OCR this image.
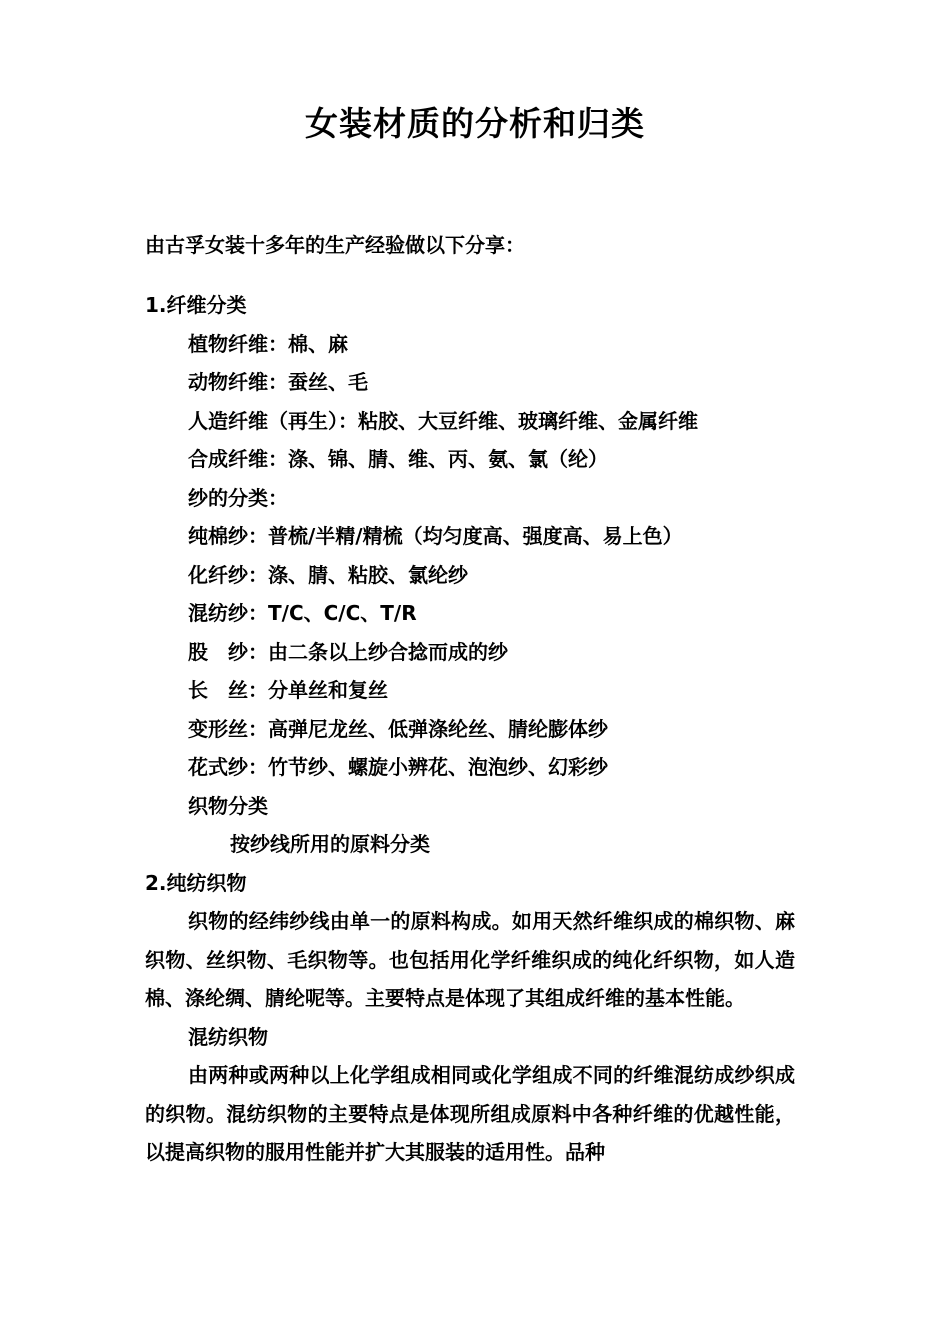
女装材质的分析和归类
由古孚女装十多年的生产经验做以下分享：
1.纤维分类
植物纤维：棉、麻
动物纤维：蚕丝、毛
人造纤维（再生）：粘胶、大豆纤维、玻璃纤维、金属纤维
合成纤维：涤、锦、腈、维、丙、氨、氯（纶）
纱的分类：
纯棉纱：普梳/半精/精梳（均匀度高、强度高、易上色）
化纤纱：涤、腈、粘胶、氯纶纱
混纺纱：T/C、C/C、T/R
股　纱：由二条以上纱合捻而成的纱
长　丝：分单丝和复丝
变形丝：高弹尼龙丝、低弹涤纶丝、腈纶膨体纱
花式纱：竹节纱、螺旋小辨花、泡泡纱、幻彩纱
织物分类
按纱线所用的原料分类
2.纯纺织物

织物的经纬纱线由单一的原料构成。如用天然纤维织成的棉织物、麻织物、丝织物、毛织物等。也包括用化学纤维织成的纯化纤织物，如人造棉、涤纶绸、腈纶呢等。主要特点是体现了其组成纤维的基本性能。

混纺织物

由两种或两种以上化学组成相同或化学组成不同的纤维混纺成纱织成的织物。混纺织物的主要特点是体现所组成原料中各种纤维的优越性能，以提高织物的服用性能并扩大其服装的适用性。品种
